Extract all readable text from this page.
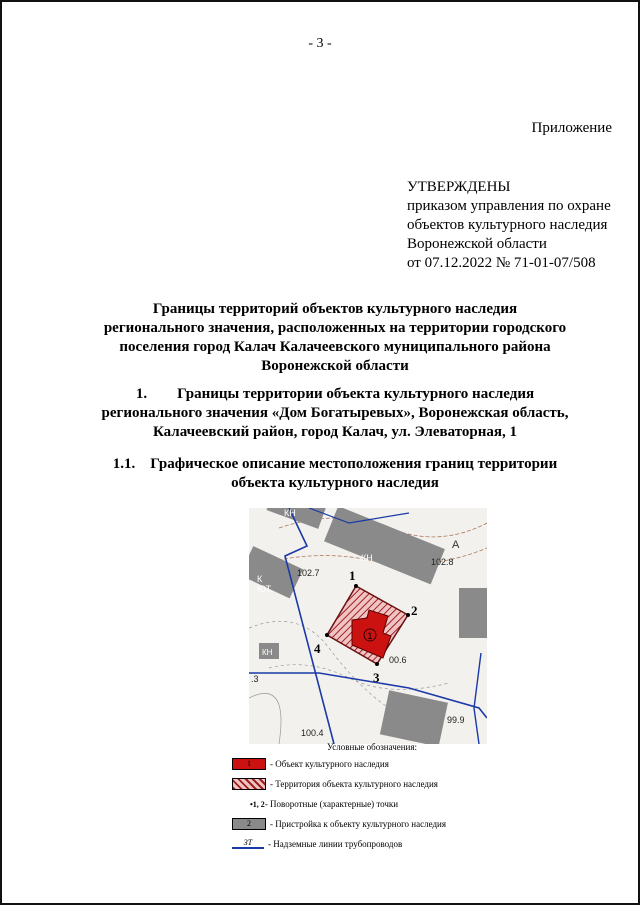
- 3 -
Приложение
УТВЕРЖДЕНЫ
приказом управления по охране
объектов культурного наследия
Воронежской области
от 07.12.2022 № 71-01-07/508
Границы территорий объектов культурного наследия
регионального значения, расположенных на территории городского
поселения город Калач Калачеевского муниципального района
Воронежской области
1.        Границы территории объекта культурного наследия
регионального значения «Дом Богатыревых», Воронежская область,
Калачеевский район, город Калач, ул. Элеваторная, 1
1.1.    Графическое описание местоположения границ территории
объекта культурного наследия
1
1
2
3
4
КН
КН
КН
А
102.8
102.7
К
ЮТ.
00.6
99.9
100.4
.3
Условные обозначения:
1	- Объект культурного наследия
- Территория объекта культурного наследия
•1, 2 - Поворотные (характерные) точки
2	- Пристройка к объекту культурного наследия
ЗТ	- Надземные линии трубопроводов
